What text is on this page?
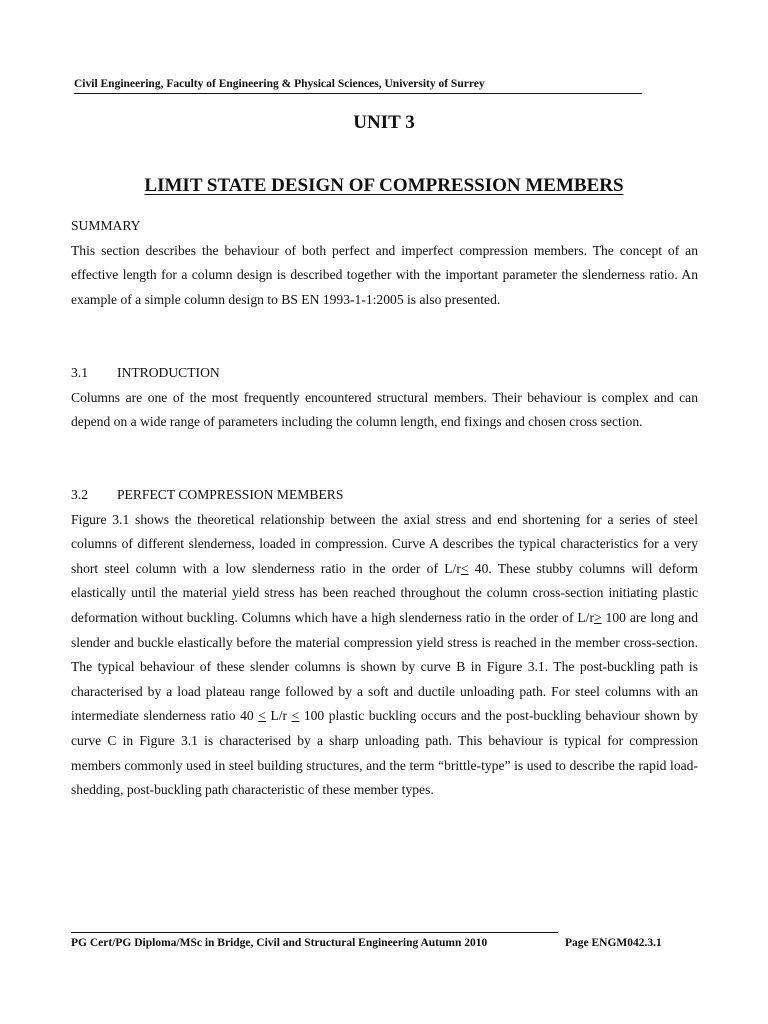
Civil Engineering, Faculty of Engineering & Physical Sciences, University of Surrey
UNIT 3
LIMIT STATE DESIGN OF COMPRESSION MEMBERS

SUMMARY

This section describes the behaviour of both perfect and imperfect compression members. The concept of an effective length for a column design is described together with the important parameter the slenderness ratio. An example of a simple column design to BS EN 1993-1-1:2005 is also presented.

3.1 INTRODUCTION

Columns are one of the most frequently encountered structural members. Their behaviour is complex and can depend on a wide range of parameters including the column length, end fixings and chosen cross section.

3.2 PERFECT COMPRESSION MEMBERS

Figure 3.1 shows the theoretical relationship between the axial stress and end shortening for a series of steel columns of different slenderness, loaded in compression. Curve A describes the typical characteristics for a very short steel column with a low slenderness ratio in the order of L/r≤ 40. These stubby columns will deform elastically until the material yield stress has been reached throughout the column cross-section initiating plastic deformation without buckling. Columns which have a high slenderness ratio in the order of L/r≥ 100 are long and slender and buckle elastically before the material compression yield stress is reached in the member cross-section. The typical behaviour of these slender columns is shown by curve B in Figure 3.1. The post-buckling path is characterised by a load plateau range followed by a soft and ductile unloading path. For steel columns with an intermediate slenderness ratio 40 ≤ L/r ≤ 100 plastic buckling occurs and the post-buckling behaviour shown by curve C in Figure 3.1 is characterised by a sharp unloading path. This behaviour is typical for compression members commonly used in steel building structures, and the term “brittle-type” is used to describe the rapid load-shedding, post-buckling path characteristic of these member types.

PG Cert/PG Diploma/MSc in Bridge, Civil and Structural Engineering Autumn 2010	Page ENGM042.3.1
